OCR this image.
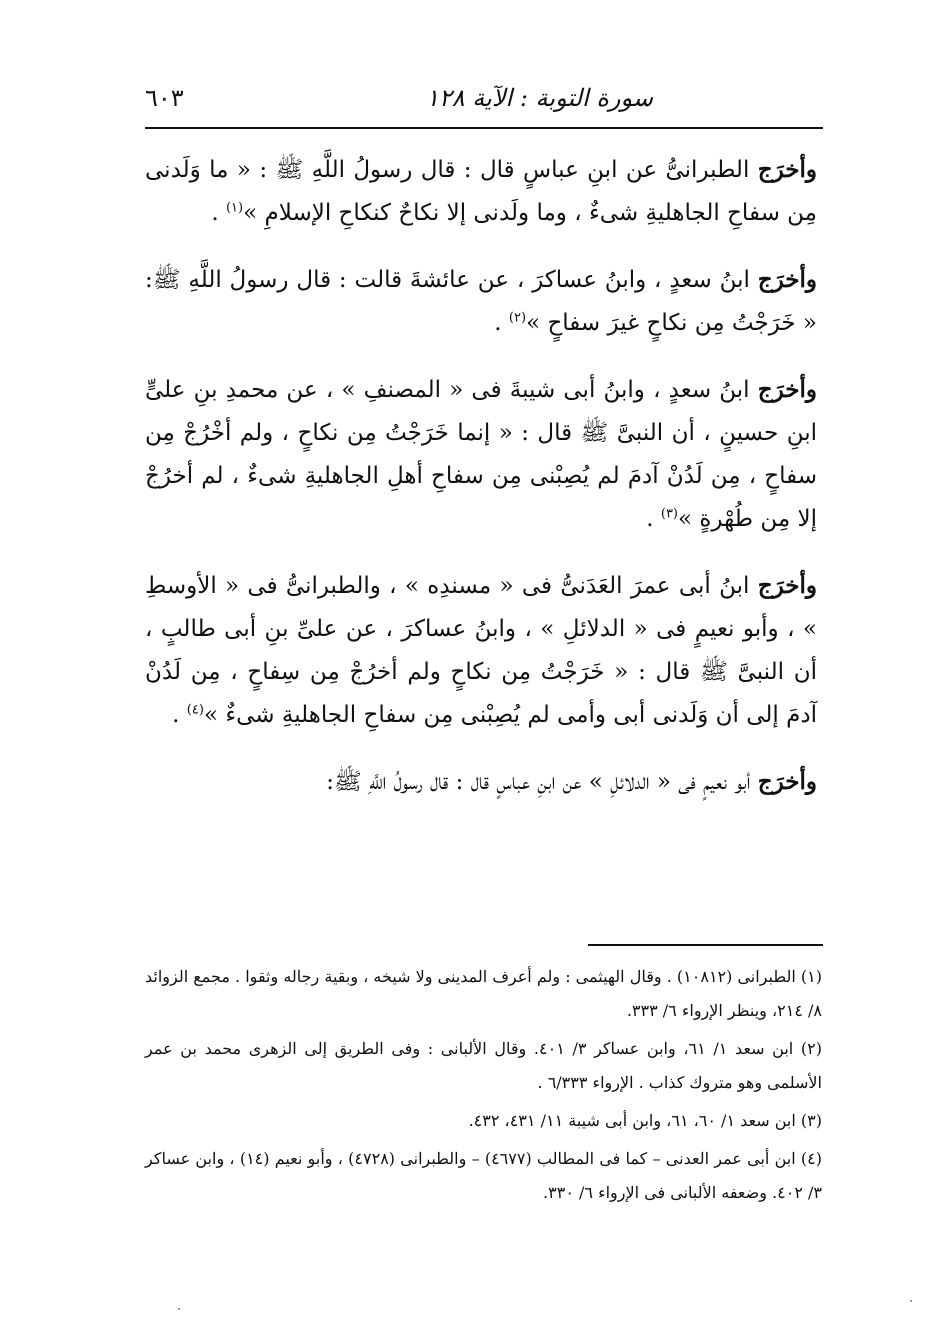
٦٠٣	سورة التوبة : الآية ١٢٨

وأخرَج الطبرانىُّ عن ابنِ عباسٍ قال : قال رسولُ اللَّهِ ﷺ : « ما وَلَدنى مِن سفاحِ الجاهليةِ شىءٌ ، وما ولَدنى إلا نكاحٌ كنكاحِ الإسلامِ »$^{(١)}$ .

وأخرَج ابنُ سعدٍ ، وابنُ عساكرَ ، عن عائشةَ قالت : قال رسولُ اللَّهِ ﷺ: « خَرَجْتُ مِن نكاحٍ غيرَ سفاحٍ »$^{(٢)}$ .

وأخرَج ابنُ سعدٍ ، وابنُ أبى شيبةَ فى « المصنفِ » ، عن محمدِ بنِ علىٍّ ابنِ حسينٍ ، أن النبىَّ ﷺ قال : « إنما خَرَجْتُ مِن نكاحٍ ، ولم أخْرُجْ مِن سفاحٍ ، مِن لَدُنْ آدمَ لم يُصِبْنى مِن سفاحِ أهلِ الجاهليةِ شىءٌ ، لم أخرُجْ إلا مِن طُهْرةٍ »$^{(٣)}$ .

وأخرَج ابنُ أبى عمرَ العَدَنىُّ فى « مسندِه » ، والطبرانىُّ فى « الأوسطِ » ، وأبو نعيمٍ فى « الدلائلِ » ، وابنُ عساكرَ ، عن علىِّ بنِ أبى طالبٍ ، أن النبىَّ ﷺ قال : « خَرَجْتُ مِن نكاحٍ ولم أخرُجْ مِن سِفاحٍ ، مِن لَدُنْ آدمَ إلى أن وَلَدنى أبى وأمى لم يُصِبْنى مِن سفاحِ الجاهليةِ شىءٌ »$^{(٤)}$ .

وأخرَج أبو نعيمٍ فى « الدلائلِ » عن ابنِ عباسٍ قال : قال رسولُ اللَّهِ ﷺ:

(١) الطبرانى (١٠٨١٢) . وقال الهيثمى : ولم أعرف المدينى ولا شيخه ، وبقية رجاله وثقوا . مجمع الزوائد ٨/ ٢١٤، وينظر الإرواء ٦/ ٣٣٣.

(٢) ابن سعد ١/ ٦١، وابن عساكر ٣/ ٤٠١. وقال الألبانى : وفى الطريق إلى الزهرى محمد بن عمر الأسلمى وهو متروك كذاب . الإرواء ٦/٣٣٣ .

(٣) ابن سعد ١/ ٦٠، ٦١، وابن أبى شيبة ١١/ ٤٣١، ٤٣٢.

(٤) ابن أبى عمر العدنى – كما فى المطالب (٤٦٧٧) – والطبرانى (٤٧٢٨) ، وأبو نعيم (١٤) ، وابن عساكر ٣/ ٤٠٢. وضعفه الألبانى فى الإرواء ٦/ ٣٣٠.
